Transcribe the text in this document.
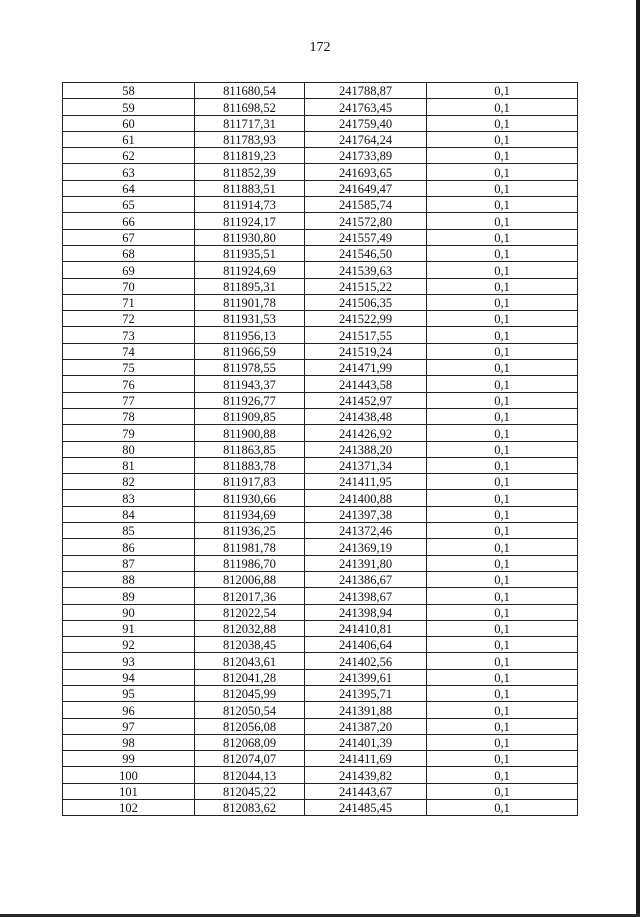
172
58	811680,54	241788,87	0,1
59	811698,52	241763,45	0,1
60	811717,31	241759,40	0,1
61	811783,93	241764,24	0,1
62	811819,23	241733,89	0,1
63	811852,39	241693,65	0,1
64	811883,51	241649,47	0,1
65	811914,73	241585,74	0,1
66	811924,17	241572,80	0,1
67	811930,80	241557,49	0,1
68	811935,51	241546,50	0,1
69	811924,69	241539,63	0,1
70	811895,31	241515,22	0,1
71	811901,78	241506,35	0,1
72	811931,53	241522,99	0,1
73	811956,13	241517,55	0,1
74	811966,59	241519,24	0,1
75	811978,55	241471,99	0,1
76	811943,37	241443,58	0,1
77	811926,77	241452,97	0,1
78	811909,85	241438,48	0,1
79	811900,88	241426,92	0,1
80	811863,85	241388,20	0,1
81	811883,78	241371,34	0,1
82	811917,83	241411,95	0,1
83	811930,66	241400,88	0,1
84	811934,69	241397,38	0,1
85	811936,25	241372,46	0,1
86	811981,78	241369,19	0,1
87	811986,70	241391,80	0,1
88	812006,88	241386,67	0,1
89	812017,36	241398,67	0,1
90	812022,54	241398,94	0,1
91	812032,88	241410,81	0,1
92	812038,45	241406,64	0,1
93	812043,61	241402,56	0,1
94	812041,28	241399,61	0,1
95	812045,99	241395,71	0,1
96	812050,54	241391,88	0,1
97	812056,08	241387,20	0,1
98	812068,09	241401,39	0,1
99	812074,07	241411,69	0,1
100	812044,13	241439,82	0,1
101	812045,22	241443,67	0,1
102	812083,62	241485,45	0,1
